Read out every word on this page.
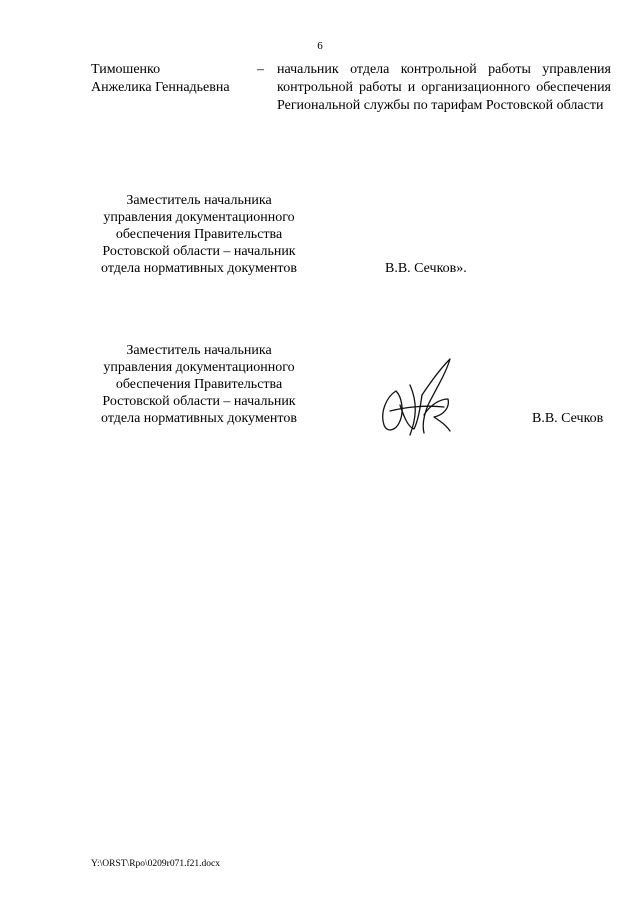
6
Тимошенко
Анжелика Геннадьевна
– начальник отдела контрольной работы управления контрольной работы и организационного обеспечения Региональной службы по тарифам Ростовской области
Заместитель начальника
управления документационного
обеспечения Правительства
Ростовской области – начальник
отдела нормативных документов	В.В. Сечков».
Заместитель начальника
управления документационного
обеспечения Правительства
Ростовской области – начальник
отдела нормативных документов	В.В. Сечков
Y:\ORST\Rpo\0209r071.f21.docx
